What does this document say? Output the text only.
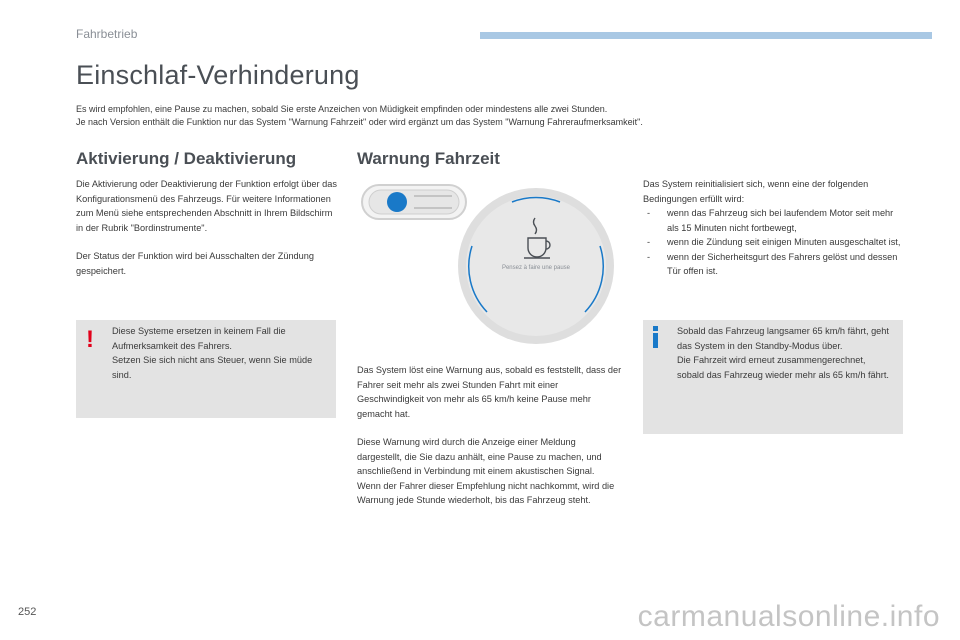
Fahrbetrieb
Einschlaf-Verhinderung

Es wird empfohlen, eine Pause zu machen, sobald Sie erste Anzeichen von Müdigkeit empfinden oder mindestens alle zwei Stunden.

Je nach Version enthält die Funktion nur das System "Warnung Fahrzeit" oder wird ergänzt um das System "Warnung Fahreraufmerksamkeit".

Aktivierung / Deaktivierung

Die Aktivierung oder Deaktivierung der Funktion erfolgt über das Konfigurationsmenü des Fahrzeugs. Für weitere Informationen zum Menü siehe entsprechenden Abschnitt in Ihrem Bildschirm in der Rubrik "Bordinstrumente".

Der Status der Funktion wird bei Ausschalten der Zündung gespeichert.

!	Diese Systeme ersetzen in keinem Fall die Aufmerksamkeit des Fahrers.

Setzen Sie sich nicht ans Steuer, wenn Sie müde sind.

Warnung Fahrzeit
Pensez à faire une pause

Das System löst eine Warnung aus, sobald es feststellt, dass der Fahrer seit mehr als zwei Stunden Fahrt mit einer Geschwindigkeit von mehr als 65 km/h keine Pause mehr gemacht hat.

Diese Warnung wird durch die Anzeige einer Meldung dargestellt, die Sie dazu anhält, eine Pause zu machen, und anschließend in Verbindung mit einem akustischen Signal.

Wenn der Fahrer dieser Empfehlung nicht nachkommt, wird die Warnung jede Stunde wiederholt, bis das Fahrzeug steht.

Das System reinitialisiert sich, wenn eine der folgenden Bedingungen erfüllt wird:

- wenn das Fahrzeug sich bei laufendem Motor seit mehr als 15 Minuten nicht fortbewegt,
- wenn die Zündung seit einigen Minuten ausgeschaltet ist,
- wenn der Sicherheitsgurt des Fahrers gelöst und dessen Tür offen ist.

Sobald das Fahrzeug langsamer 65 km/h fährt, geht das System in den Standby-Modus über.

Die Fahrzeit wird erneut zusammengerechnet, sobald das Fahrzeug wieder mehr als 65 km/h fährt.

252	carmanualsonline.info
